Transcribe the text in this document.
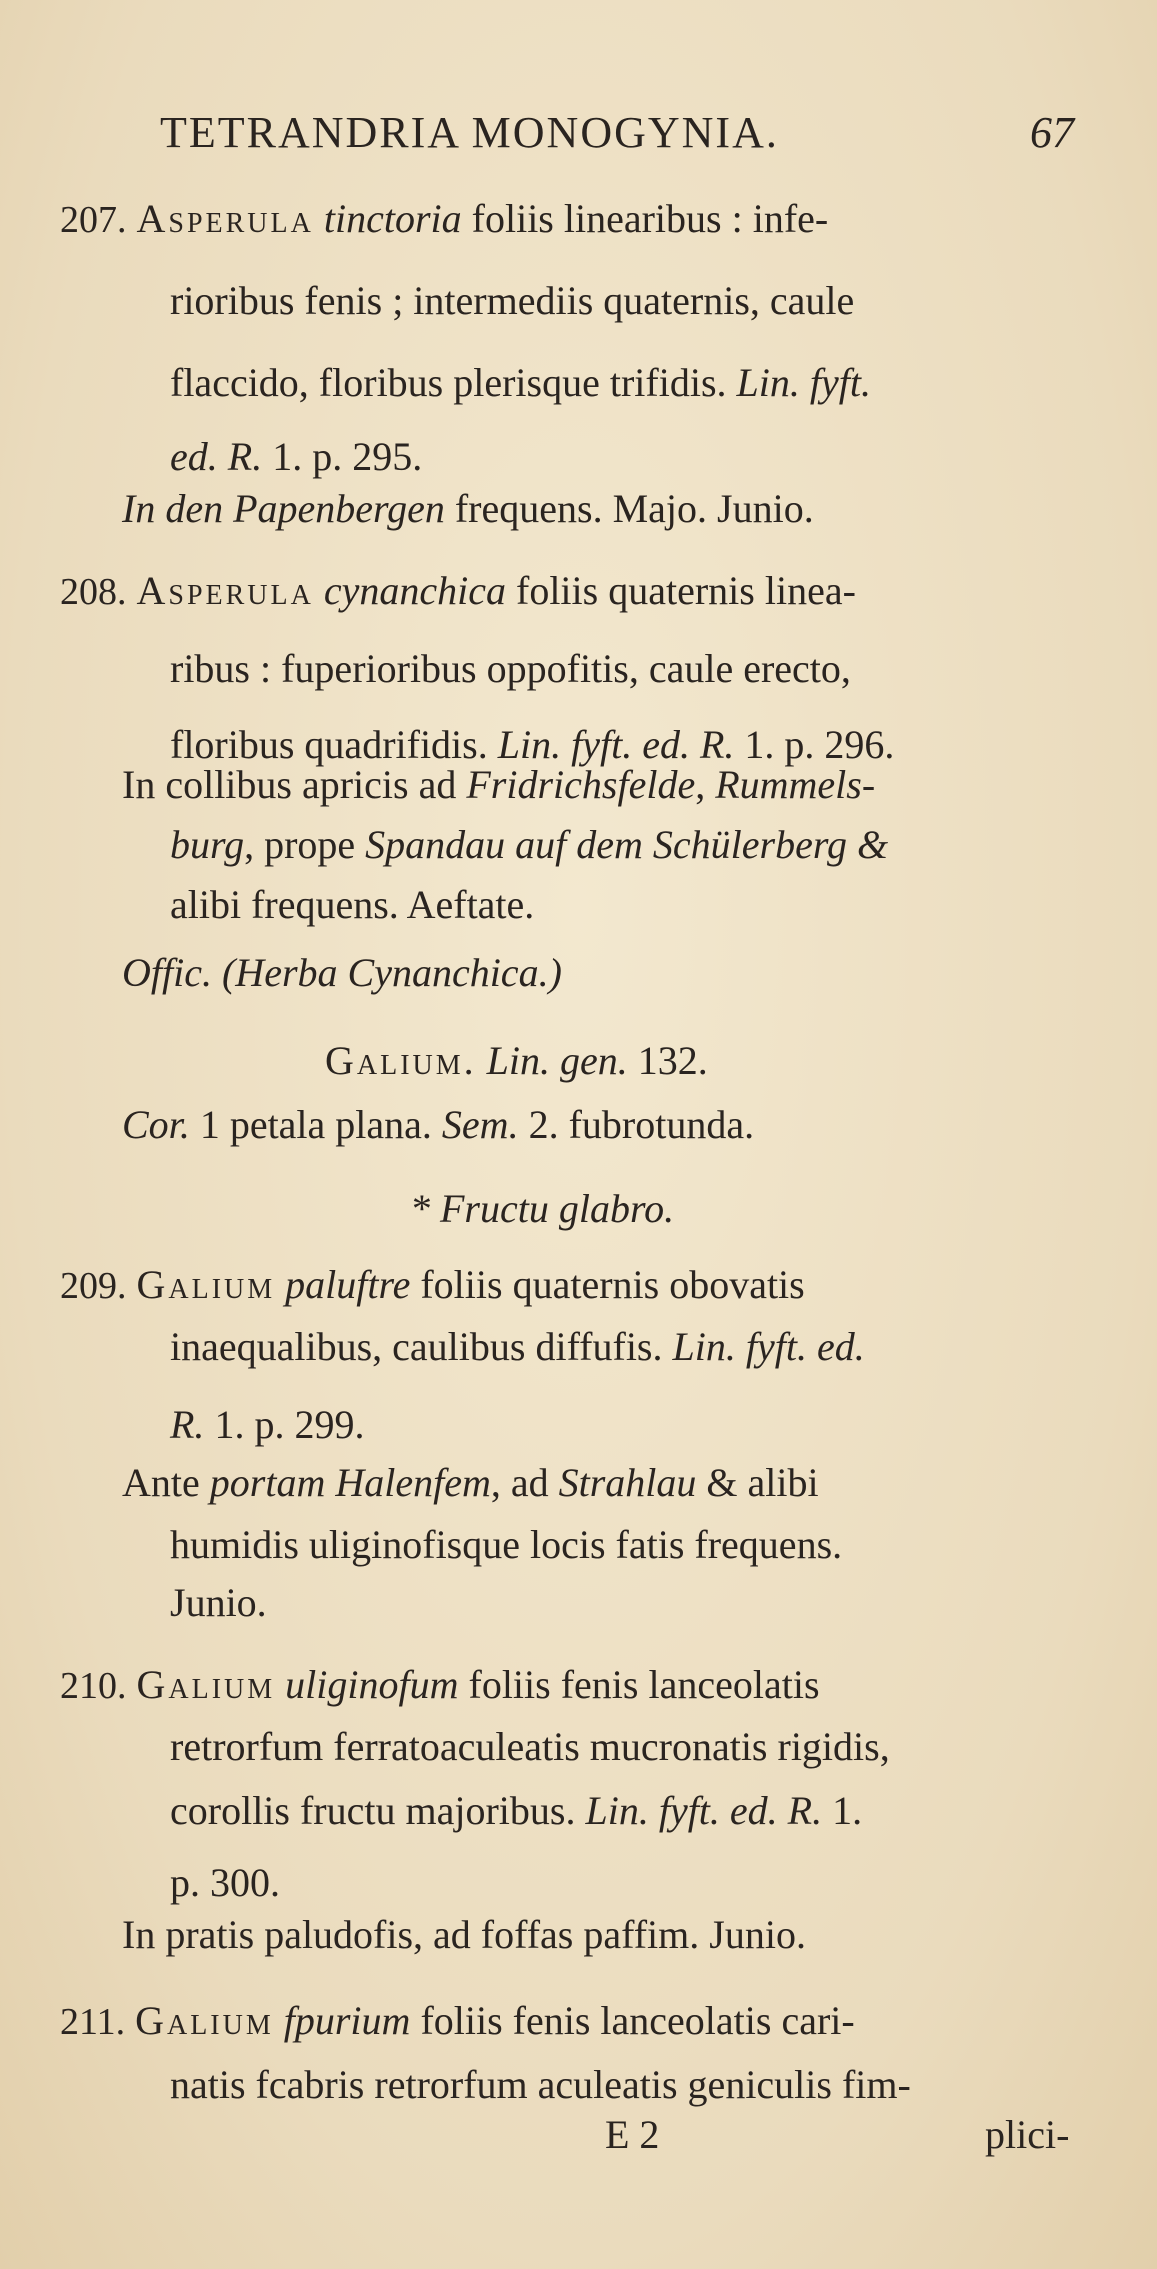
TETRANDRIA MONOGYNIA.	67
207. Asperula tinctoria foliis linearibus : infe-
rioribus fenis ; intermediis quaternis, caule
flaccido, floribus plerisque trifidis. Lin. fyft.
ed. R. 1. p. 295.
In den Papenbergen frequens. Majo. Junio.
208. Asperula cynanchica foliis quaternis linea-
ribus : fuperioribus oppofitis, caule erecto,
floribus quadrifidis. Lin. fyft. ed. R. 1. p. 296.
In collibus apricis ad Fridrichsfelde, Rummels-
burg, prope Spandau auf dem Schülerberg &
alibi frequens. Aeftate.
Offic. (Herba Cynanchica.)
Galium. Lin. gen. 132.
Cor. 1 petala plana. Sem. 2. fubrotunda.
* Fructu glabro.
209. Galium paluftre foliis quaternis obovatis
inaequalibus, caulibus diffufis. Lin. fyft. ed.
R. 1. p. 299.
Ante portam Halenfem, ad Strahlau & alibi
humidis uliginofisque locis fatis frequens.
Junio.
210. Galium uliginofum foliis fenis lanceolatis
retrorfum ferratoaculeatis mucronatis rigidis,
corollis fructu majoribus. Lin. fyft. ed. R. 1.
p. 300.
In pratis paludofis, ad foffas paffim. Junio.
211. Galium fpurium foliis fenis lanceolatis cari-
natis fcabris retrorfum aculeatis geniculis fim-
E 2	plici-
